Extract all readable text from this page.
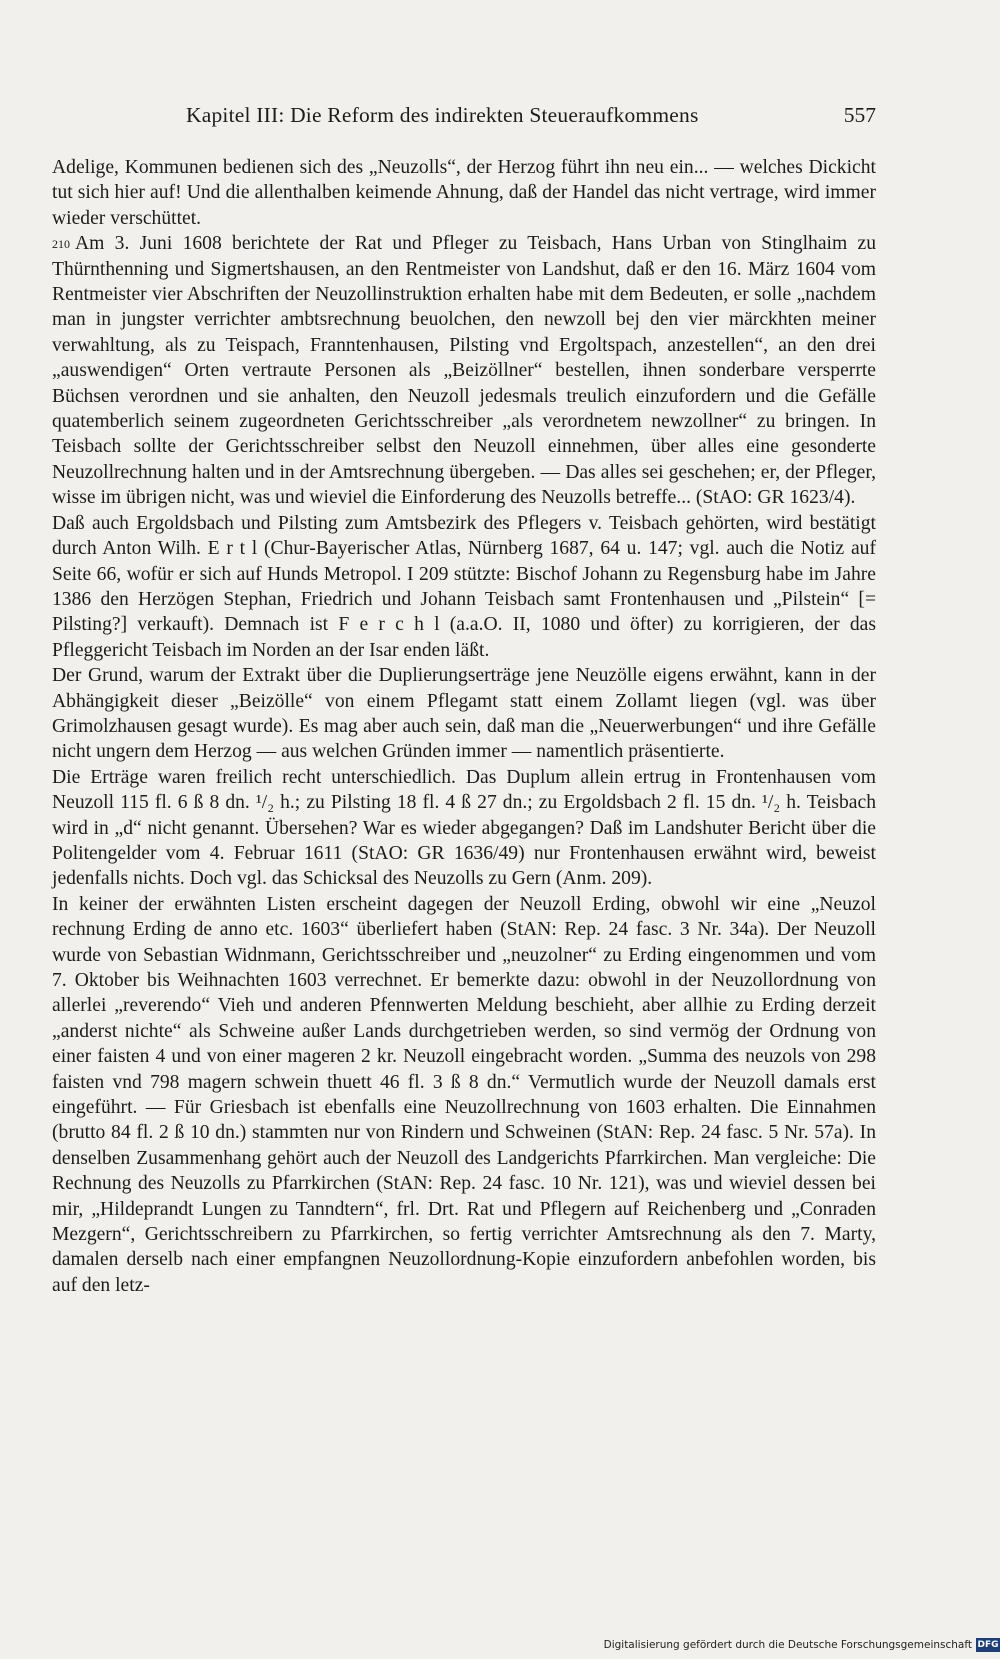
Kapitel III: Die Reform des indirekten Steueraufkommens	557

Adelige, Kommunen bedienen sich des „Neuzolls“, der Herzog führt ihn neu ein... — welches Dickicht tut sich hier auf! Und die allenthalben keimende Ahnung, daß der Handel das nicht vertrage, wird immer wieder verschüttet.

$^{210}$ Am 3. Juni 1608 berichtete der Rat und Pfleger zu Teisbach, Hans Urban von Stinglhaim zu Thürnthenning und Sigmertshausen, an den Rentmeister von Landshut, daß er den 16. März 1604 vom Rentmeister vier Abschriften der Neuzollinstruktion erhalten habe mit dem Bedeuten, er solle „nachdem man in jungster verrichter ambtsrechnung beuolchen, den newzoll bej den vier märckhten meiner verwahltung, als zu Teispach, Franntenhausen, Pilsting vnd Ergoltspach, anzestellen“, an den drei „auswendigen“ Orten vertraute Personen als „Beizöllner“ bestellen, ihnen sonderbare versperrte Büchsen verordnen und sie anhalten, den Neuzoll jedesmals treulich einzufordern und die Gefälle quatemberlich seinem zugeordneten Gerichtsschreiber „als verordnetem newzollner“ zu bringen. In Teisbach sollte der Gerichtsschreiber selbst den Neuzoll einnehmen, über alles eine gesonderte Neuzollrechnung halten und in der Amtsrechnung übergeben. — Das alles sei geschehen; er, der Pfleger, wisse im übrigen nicht, was und wieviel die Einforderung des Neuzolls betreffe... (StAO: GR 1623/4).

Daß auch Ergoldsbach und Pilsting zum Amtsbezirk des Pflegers v. Teisbach gehörten, wird bestätigt durch Anton Wilh. E r t l (Chur-Bayerischer Atlas, Nürnberg 1687, 64 u. 147; vgl. auch die Notiz auf Seite 66, wofür er sich auf Hunds Metropol. I 209 stützte: Bischof Johann zu Regensburg habe im Jahre 1386 den Herzögen Stephan, Friedrich und Johann Teisbach samt Frontenhausen und „Pilstein“ [= Pilsting?] verkauft). Demnach ist F e r c h l (a.a.O. II, 1080 und öfter) zu korrigieren, der das Pfleggericht Teisbach im Norden an der Isar enden läßt.

Der Grund, warum der Extrakt über die Duplierungserträge jene Neuzölle eigens erwähnt, kann in der Abhängigkeit dieser „Beizölle“ von einem Pflegamt statt einem Zollamt liegen (vgl. was über Grimolzhausen gesagt wurde). Es mag aber auch sein, daß man die „Neuerwerbungen“ und ihre Gefälle nicht ungern dem Herzog — aus welchen Gründen immer — namentlich präsentierte.

Die Erträge waren freilich recht unterschiedlich. Das Duplum allein ertrug in Frontenhausen vom Neuzoll 115 fl. 6 ß 8 dn. ¹/₂ h.; zu Pilsting 18 fl. 4 ß 27 dn.; zu Ergoldsbach 2 fl. 15 dn. ¹/₂ h. Teisbach wird in „d“ nicht genannt. Übersehen? War es wieder abgegangen? Daß im Landshuter Bericht über die Politengelder vom 4. Februar 1611 (StAO: GR 1636/49) nur Frontenhausen erwähnt wird, beweist jedenfalls nichts. Doch vgl. das Schicksal des Neuzolls zu Gern (Anm. 209).

In keiner der erwähnten Listen erscheint dagegen der Neuzoll Erding, obwohl wir eine „Neuzol rechnung Erding de anno etc. 1603“ überliefert haben (StAN: Rep. 24 fasc. 3 Nr. 34a). Der Neuzoll wurde von Sebastian Widnmann, Gerichtsschreiber und „neuzolner“ zu Erding eingenommen und vom 7. Oktober bis Weihnachten 1603 verrechnet. Er bemerkte dazu: obwohl in der Neuzollordnung von allerlei „reverendo“ Vieh und anderen Pfennwerten Meldung beschieht, aber allhie zu Erding derzeit „anderst nichte“ als Schweine außer Lands durchgetrieben werden, so sind vermög der Ordnung von einer faisten 4 und von einer mageren 2 kr. Neuzoll eingebracht worden. „Summa des neuzols von 298 faisten vnd 798 magern schwein thuett 46 fl. 3 ß 8 dn.“ Vermutlich wurde der Neuzoll damals erst eingeführt. — Für Griesbach ist ebenfalls eine Neuzollrechnung von 1603 erhalten. Die Einnahmen (brutto 84 fl. 2 ß 10 dn.) stammten nur von Rindern und Schweinen (StAN: Rep. 24 fasc. 5 Nr. 57a). In denselben Zusammenhang gehört auch der Neuzoll des Landgerichts Pfarrkirchen. Man vergleiche: Die Rechnung des Neuzolls zu Pfarrkirchen (StAN: Rep. 24 fasc. 10 Nr. 121), was und wieviel dessen bei mir, „Hildeprandt Lungen zu Tanndtern“, frl. Drt. Rat und Pflegern auf Reichenberg und „Conraden Mezgern“, Gerichtsschreibern zu Pfarrkirchen, so fertig verrichter Amtsrechnung als den 7. Marty, damalen derselb nach einer empfangnen Neuzollordnung-Kopie einzufordern anbefohlen worden, bis auf den letz-

Digitalisierung gefördert durch die Deutsche Forschungsgemeinschaft DFG
